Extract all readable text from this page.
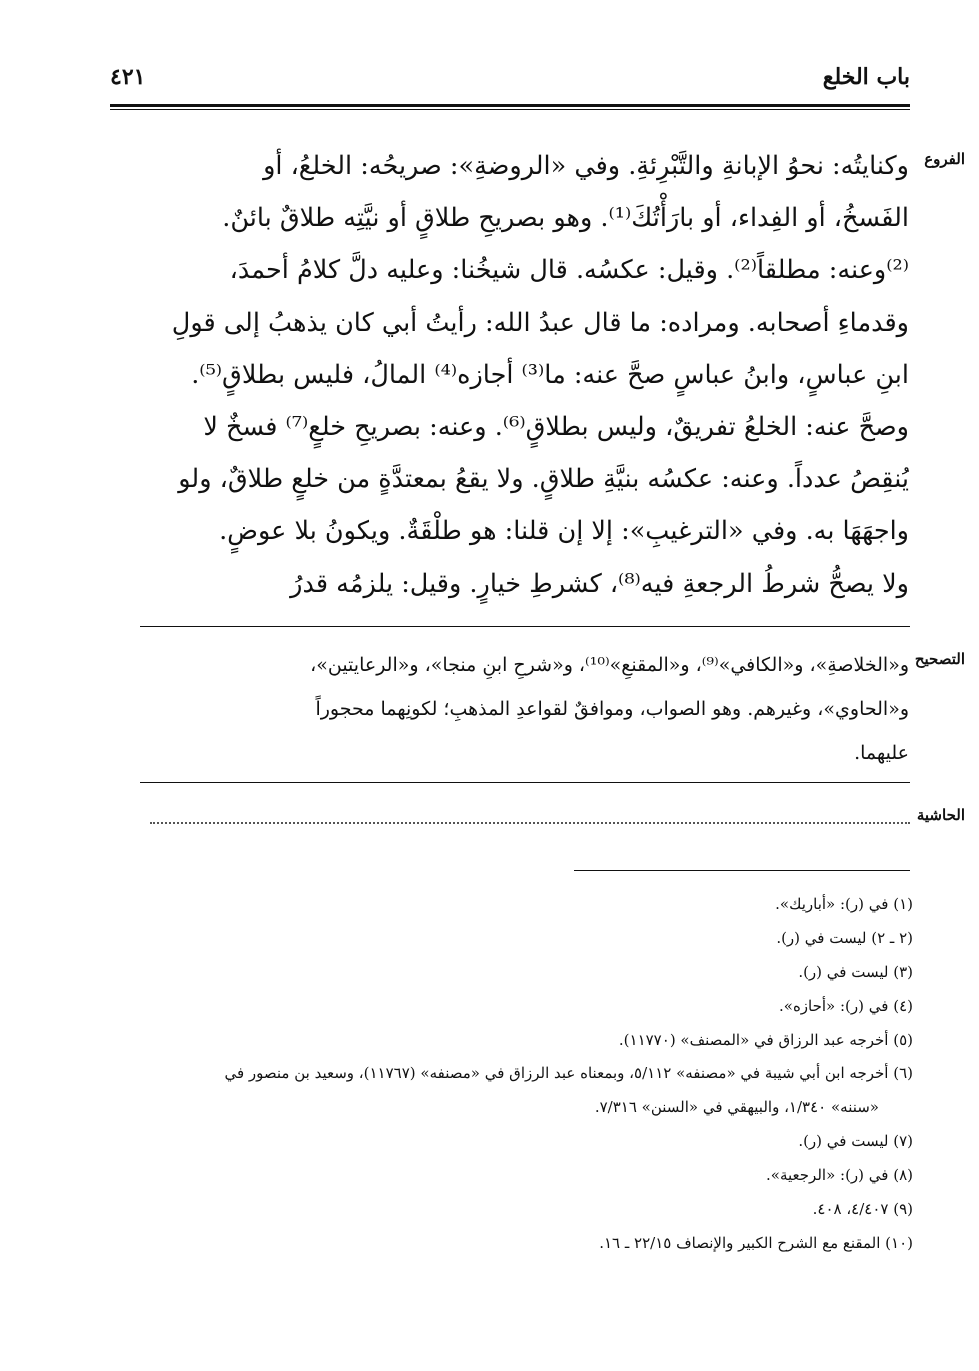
باب الخلع
٤٢١
الفروع
وكنايتُه: نحوُ الإبانةِ والتَّبْرِئةِ. وفي «الروضةِ»: صريحُه: الخلعُ، أو
الفَسخُ، أو الفِداء، أو بارَأْتُكَ⁽¹⁾. وهو بصريحِ طلاقٍ أو نيَّتِه طلاقٌ بائنٌ.
⁽²⁾وعنه: مطلقاً⁽²⁾. وقيل: عكسُه. قال شيخُنا: وعليه دلَّ كلامُ أحمدَ،
وقدماءِ أصحابه. ومراده: ما قال عبدُ الله: رأيتُ أبي كان يذهبُ إلى قولِ
ابنِ عباسٍ، وابنُ عباسٍ صحَّ عنه: ما⁽³⁾ أجازه⁽⁴⁾ المالُ، فليس بطلاقٍ⁽⁵⁾.
وصحَّ عنه: الخلعُ تفريقٌ، وليس بطلاقٍ⁽⁶⁾. وعنه: بصريحِ خلعٍ⁽⁷⁾ فسخٌ لا
يُنقِصُ عدداً. وعنه: عكسُه بنيَّةِ طلاقٍ. ولا يقعُ بمعتدَّةٍ من خلعٍ طلاقٌ، ولو
واجهَهَا به. وفي «الترغيبِ»: إلا إن قلنا: هو طلْقَةٌ. ويكونُ بلا عوضٍ.
ولا يصحُّ شرطُ الرجعةِ فيه⁽⁸⁾، كشرطِ خيارٍ. وقيل: يلزمُه قدرُ
التصحيح
و«الخلاصةِ»، و«الكافي»⁽⁹⁾، و«المقنعِ»⁽¹⁰⁾، و«شرحِ ابنِ منجا»، و«الرعايتين»،
و«الحاوي»، وغيرهم. وهو الصواب، وموافقٌ لقواعدِ المذهبِ؛ لكونِهما محجوراً
عليهما.
الحاشية
(١) في (ر): «أباريك».
(٢ ـ ٢) ليست في (ر).
(٣) ليست في (ر).
(٤) في (ر): «أحازه».
(٥) أخرجه عبد الرزاق في «المصنف» (١١٧٧٠).
(٦) أخرجه ابن أبي شيبة في «مصنفه» ٥/١١٢، وبمعناه عبد الرزاق في «مصنفه» (١١٧٦٧)، وسعيد بن منصور في
«سننه» ١/٣٤٠، والبيهقي في «السنن» ٧/٣١٦.
(٧) ليست في (ر).
(٨) في (ر): «الرجعية».
(٩) ٤/٤٠٧، ٤٠٨.
(١٠) المقنع مع الشرح الكبير والإنصاف ٢٢/١٥ ـ ١٦.
